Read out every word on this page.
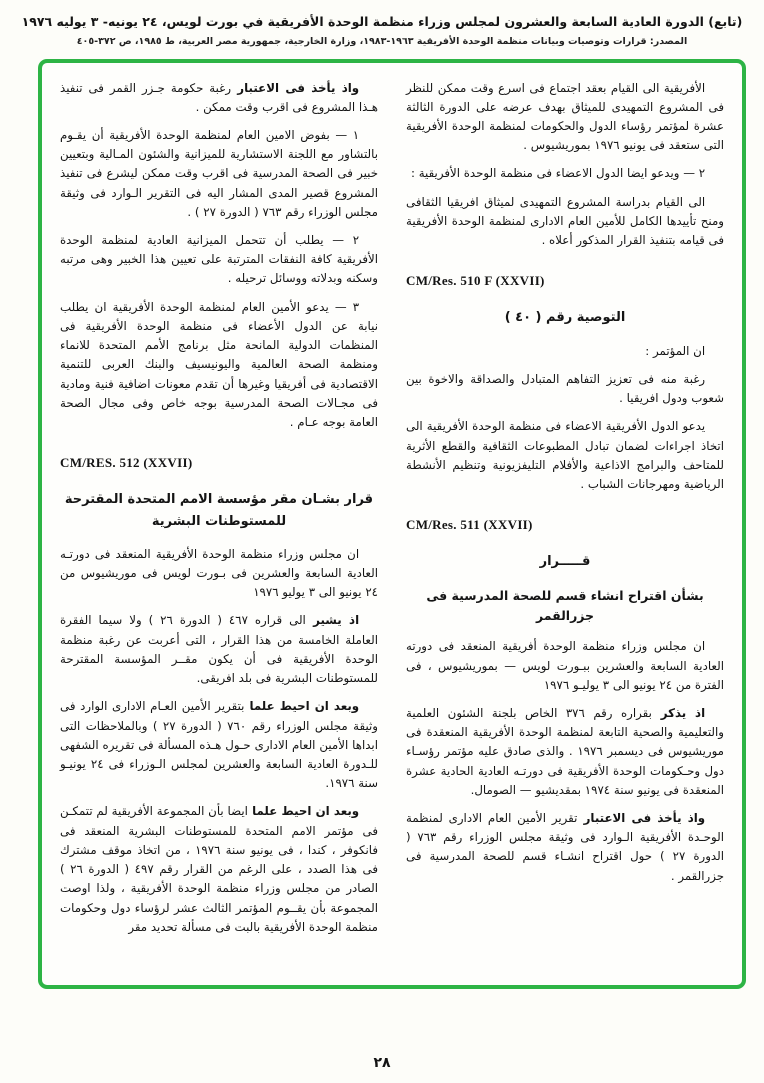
(تابع) الدورة العادية السابعة والعشرون لمجلس وزراء منظمة الوحدة الأفريقية في بورت لويس، ٢٤ يونيه- ٣ يوليه ١٩٧٦
المصدر: قرارات وتوصيات وبيانات منظمة الوحدة الأفريقية ١٩٦٣-١٩٨٣، وزارة الخارجية، جمهورية مصر العربية، ط ١٩٨٥، ص ٣٧٢-٤٠٥
الأفريقية الى القيام بعقد اجتماع فى اسرع وقت ممكن للنظر فى المشروع التمهيدى للميثاق بهدف عرضه على الدورة الثالثة عشرة لمؤتمر رؤساء الدول والحكومات لمنظمة الوحدة الأفريقية التى ستعقد فى يونيو ١٩٧٦ بموريشيوس .
٢ — ويدعو ايضا الدول الاعضاء فى منظمة الوحدة الأفريقية :
الى القيام بدراسة المشروع التمهيدى لميثاق افريقيا الثقافى ومنح تأييدها الكامل للأمين العام الادارى لمنظمة الوحدة الأفريقية فى قيامه بتنفيذ القرار المذكور أعلاه .
CM/Res. 510 F (XXVII)
التوصية رقم ( ٤٠ )
ان المؤتمر :
رغبة منه فى تعزيز التفاهم المتبادل والصداقة والاخوة بين شعوب ودول افريقيا .
يدعو الدول الأفريقية الاعضاء فى منظمة الوحدة الأفريقية الى اتخاذ اجراءات لضمان تبادل المطبوعات الثقافية والقطع الأثرية للمتاحف والبرامج الاذاعية والأفلام التليفزيونية وتنظيم الأنشطة الرياضية ومهرجانات الشباب .
CM/Res. 511 (XXVII)
قـــــرار
بشأن اقتراح انشاء قسم للصحة المدرسية فى جزرالقمر
ان مجلس وزراء منظمة الوحدة أفريقية المنعقد فى دورته العادية السابعة والعشرين ببـورت لويس — بموريشيوس ، فى الفترة من ٢٤ يونيو الى ٣ يوليـو ١٩٧٦
اذ يذكر بقراره رقم ٣٧٦ الخاص بلجنة الشئون العلمية والتعليمية والصحية التابعة لمنظمة الوحدة الأفريقية المنعقدة فى موريشيوس فى ديسمبر ١٩٧٦ . والذى صادق عليه مؤتمر رؤسـاء دول وحـكومات الوحدة الأفريقية فى دورتـه العادية الحادية عشرة المنعقدة فى يونيو سنة ١٩٧٤ بمقديشيو — الصومال.
واذ يأخذ فى الاعتبار تقرير الأمين العام الادارى لمنظمة الوحـدة الأفريقية الـوارد فى وثيقة مجلس الوزراء رقم ٧٦٣ ( الدورة ٢٧ ) حول اقتراح انشـاء قسم للصحة المدرسية فى جزرالقمر .
واذ يأخذ فى الاعتبار رغبة حكومة جـزر القمر فى تنفيذ هـذا المشروع فى اقرب وقت ممكن .
١ — بفوض الامين العام لمنظمة الوحدة الأفريقية أن يقـوم بالتشاور مع اللجنة الاستشارية للميزانية والشئون المـالية وبتعيين خبير فى الصحة المدرسية فى اقرب وقت ممكن ليشرع فى تنفيذ المشروع قصير المدى المشار اليه فى التقرير الـوارد فى وثيقة مجلس الوزراء رقم ٧٦٣ ( الدورة ٢٧ ) .
٢ — يطلب أن تتحمل الميزانية العادية لمنظمة الوحدة الأفريقية كافة النفقات المترتبة على تعيين هذا الخبير وهى مرتبه وسكنه وبدلاته ووسائل ترحيله .
٣ — يدعو الأمين العام لمنظمة الوحدة الأفريقية ان يطلب نيابة عن الدول الأعضاء فى منظمة الوحدة الأفريقية فى المنظمات الدولية المانحة مثل برنامج الأمم المتحدة للانماء ومنظمة الصحة العالمية واليونيسيف والبنك العربى للتنمية الاقتصادية فى أفريقيا وغيرها أن تقدم معونات اضافية فنية ومادية فى مجـالات الصحة المدرسية بوجه خاص وفى مجال الصحة العامة بوجه عـام .
CM/RES. 512 (XXVII)
قرار بشـان مقر مؤسسة الامم المتحدة المقترحة للمستوطنات البشرية
ان مجلس وزراء منظمة الوحدة الأفريقية المنعقد فى دورتـه العادية السابعة والعشرين فى بـورت لويس فى موريشيوس من ٢٤ يونيو الى ٣ يوليو ١٩٧٦
اذ يشير الى قراره ٤٦٧ ( الدورة ٢٦ ) ولا سيما الفقرة العاملة الخامسة من هذا القرار ، التى أعربت عن رغبة منظمة الوحدة الأفريقية فى أن يكون مقــر المؤسسة المقترحة للمستوطنات البشرية فى بلد افريقى.
وبعد ان احيط علما بتقرير الأمين العـام الادارى الوارد فى وثيقة مجلس الوزراء رقم ٧٦٠ ( الدورة ٢٧ ) وبالملاحظات التى ابداها الأمين العام الادارى حـول هـذه المسألة فى تقريره الشفهى للـدورة العادية السابعة والعشرين لمجلس الـوزراء فى ٢٤ يونيـو سنة ١٩٧٦.
وبعد ان احيط علما ايضا بأن المجموعة الأفريقية لم تتمكـن فى مؤتمر الامم المتحدة للمستوطنات البشرية المنعقد فى فانكوفر ، كندا ، فى يونيو سنة ١٩٧٦ ، من اتخاذ موقف مشترك فى هذا الصدد ، على الرغم من القرار رقم ٤٩٧ ( الدورة ٢٦ ) الصادر من مجلس وزراء منظمة الوحدة الأفريقية ، ولذا اوصت المجموعة بأن يقــوم المؤتمر الثالث عشر لرؤساء دول وحكومات منظمة الوحدة الأفريقية بالبت فى مسألة تحديد مقر
٢٨
